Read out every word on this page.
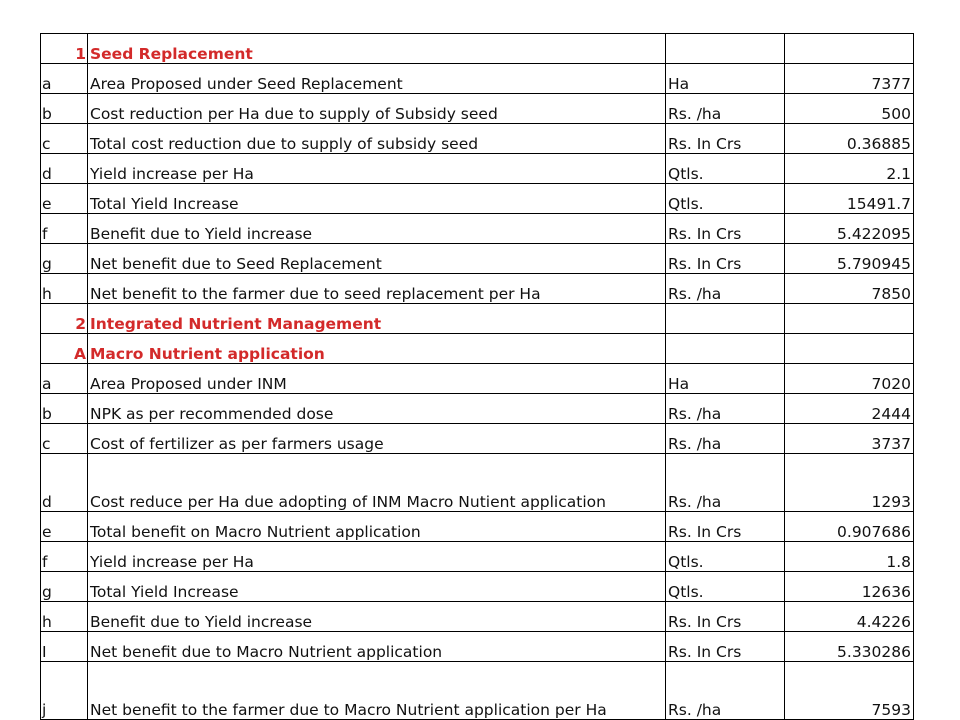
1	Seed Replacement		
a	Area Proposed under Seed Replacement	Ha	7377
b	Cost reduction per Ha due to supply of Subsidy seed	Rs. /ha	500
c	Total cost reduction due to supply of subsidy seed	Rs. In Crs	0.36885
d	Yield increase per Ha	Qtls.	2.1
e	Total Yield Increase	Qtls.	15491.7
f	Benefit due to Yield increase	Rs. In Crs	5.422095
g	Net benefit due to Seed Replacement	Rs. In Crs	5.790945
h	Net benefit to the farmer due to seed replacement per Ha	Rs. /ha	7850
2	Integrated Nutrient Management		
A	Macro Nutrient application		
a	Area Proposed under INM	Ha	7020
b	NPK as per recommended dose	Rs. /ha	2444
c	Cost of fertilizer as per farmers usage	Rs. /ha	3737
d	Cost reduce per Ha due adopting of INM Macro Nutient application	Rs. /ha	1293
e	Total benefit on Macro Nutrient application	Rs. In Crs	0.907686
f	Yield increase per Ha	Qtls.	1.8
g	Total Yield Increase	Qtls.	12636
h	Benefit due to Yield increase	Rs. In Crs	4.4226
I	Net benefit due to Macro Nutrient application	Rs. In Crs	5.330286
j	Net benefit to the farmer due to Macro Nutrient application per Ha	Rs. /ha	7593
